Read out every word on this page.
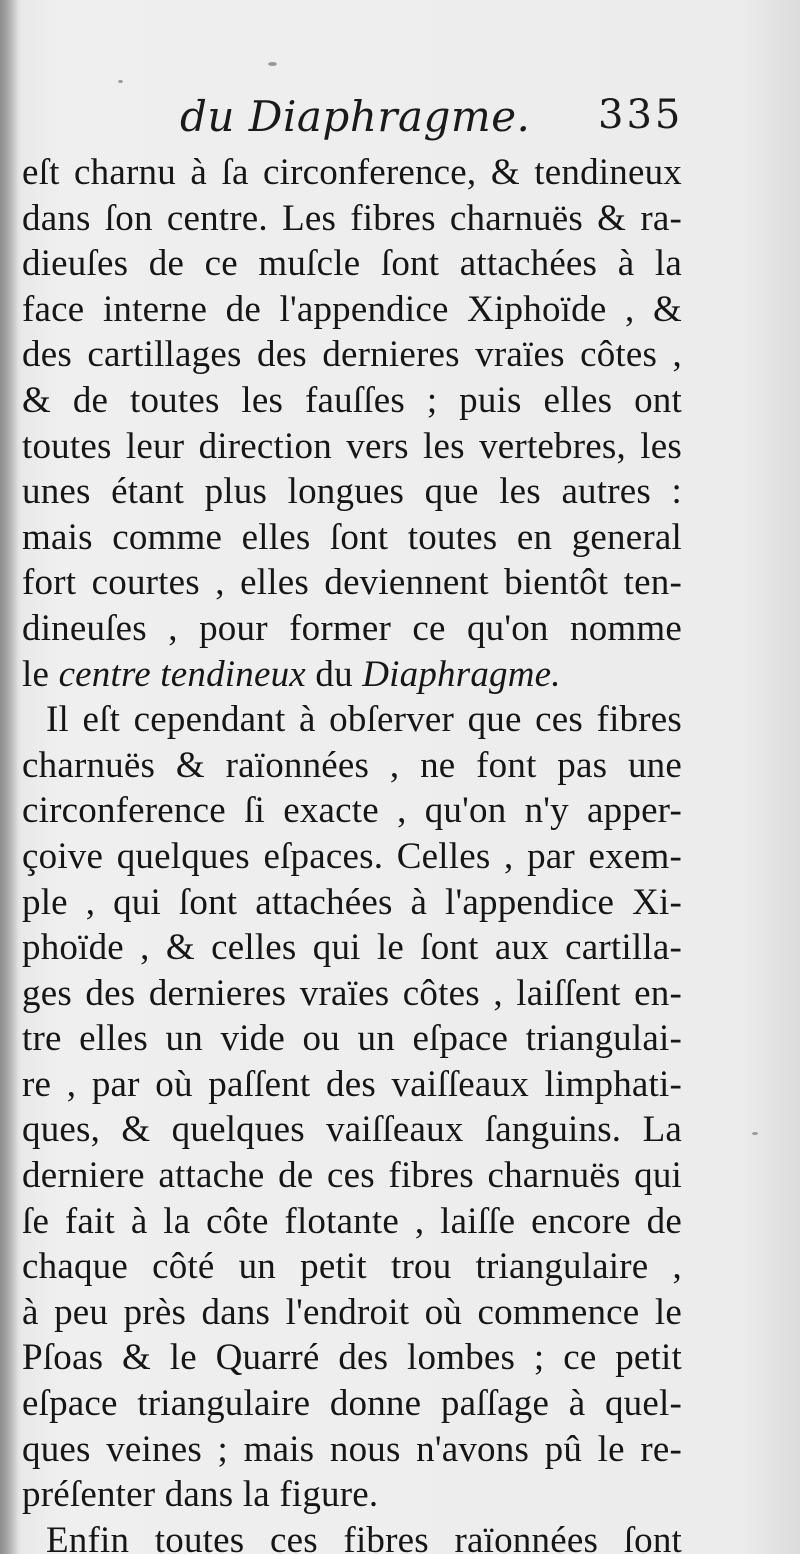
du Diaphragme. 335
eſt charnu à ſa circonference, & tendineux
dans ſon centre. Les fibres charnuës & ra-
dieuſes de ce muſcle ſont attachées à la
face interne de l'appendice Xiphoïde , &
des cartillages des dernieres vraïes côtes ,
& de toutes les fauſſes ; puis elles ont
toutes leur direction vers les vertebres, les
unes étant plus longues que les autres :
mais comme elles ſont toutes en general
fort courtes , elles deviennent bientôt ten-
dineuſes , pour former ce qu'on nomme
le centre tendineux du Diaphragme.
Il eſt cependant à obſerver que ces fibres
charnuës & raïonnées , ne font pas une
circonference ſi exacte , qu'on n'y apper-
çoive quelques eſpaces. Celles , par exem-
ple , qui ſont attachées à l'appendice Xi-
phoïde , & celles qui le ſont aux cartilla-
ges des dernieres vraïes côtes , laiſſent en-
tre elles un vide ou un eſpace triangulai-
re , par où paſſent des vaiſſeaux limphati-
ques, & quelques vaiſſeaux ſanguins. La
derniere attache de ces fibres charnuës qui
ſe fait à la côte flotante , laiſſe encore de
chaque côté un petit trou triangulaire ,
à peu près dans l'endroit où commence le
Pſoas & le Quarré des lombes ; ce petit
eſpace triangulaire donne paſſage à quel-
ques veines ; mais nous n'avons pû le re-
préſenter dans la figure.
Enfin toutes ces fibres raïonnées ſont
